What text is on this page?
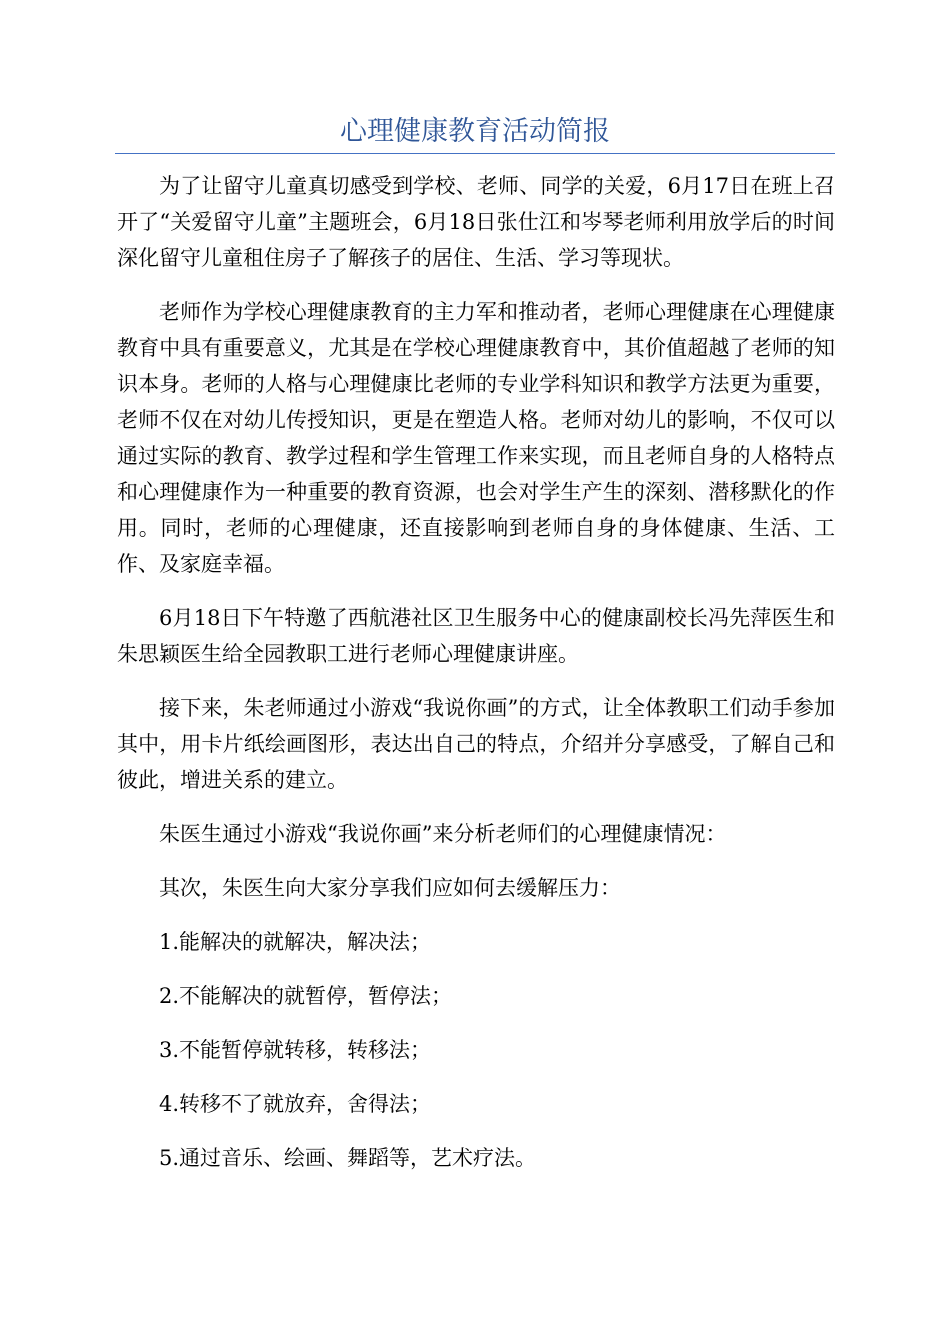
心理健康教育活动简报

为了让留守儿童真切感受到学校、老师、同学的关爱，6月17日在班上召开了“关爱留守儿童”主题班会，6月18日张仕江和岑琴老师利用放学后的时间深化留守儿童租住房子了解孩子的居住、生活、学习等现状。

老师作为学校心理健康教育的主力军和推动者，老师心理健康在心理健康教育中具有重要意义，尤其是在学校心理健康教育中，其价值超越了老师的知识本身。老师的人格与心理健康比老师的专业学科知识和教学方法更为重要，老师不仅在对幼儿传授知识，更是在塑造人格。老师对幼儿的影响，不仅可以通过实际的教育、教学过程和学生管理工作来实现，而且老师自身的人格特点和心理健康作为一种重要的教育资源，也会对学生产生的深刻、潜移默化的作用。同时，老师的心理健康，还直接影响到老师自身的身体健康、生活、工作、及家庭幸福。

6月18日下午特邀了西航港社区卫生服务中心的健康副校长冯先萍医生和朱思颖医生给全园教职工进行老师心理健康讲座。

接下来，朱老师通过小游戏“我说你画”的方式，让全体教职工们动手参加其中，用卡片纸绘画图形，表达出自己的特点，介绍并分享感受，了解自己和彼此，增进关系的建立。

朱医生通过小游戏“我说你画”来分析老师们的心理健康情况：

其次，朱医生向大家分享我们应如何去缓解压力：

1.能解决的就解决，解决法；

2.不能解决的就暂停，暂停法；

3.不能暂停就转移，转移法；

4.转移不了就放弃，舍得法；

5.通过音乐、绘画、舞蹈等，艺术疗法。
